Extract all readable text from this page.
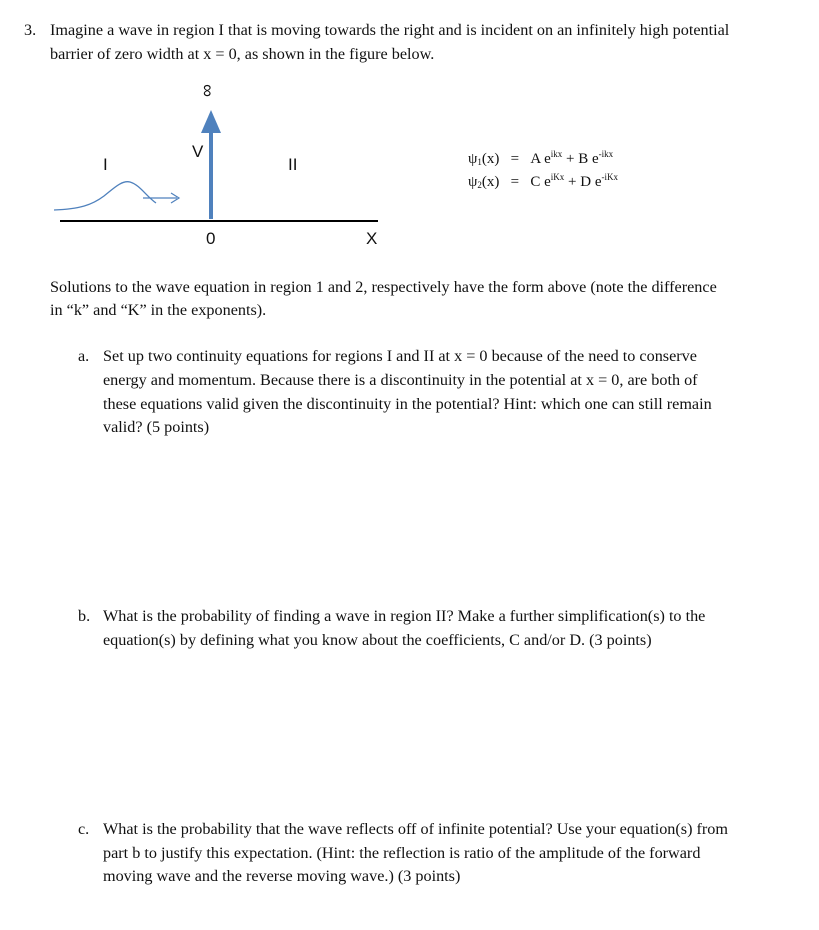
3. Imagine a wave in region I that is moving towards the right and is incident on an infinitely high potential
barrier of zero width at x = 0, as shown in the figure below.
∞
V
I	II
0	X
$\psi_1(x) = A$ $e^{ikx} + B$ $e^{-ikx}$
$\psi_2(x) = C$ $e^{iKx} + D$ $e^{-iKx}$
Solutions to the wave equation in region 1 and 2, respectively have the form above (note the difference
in “k” and “K” in the exponents).
a. Set up two continuity equations for regions I and II at x = 0 because of the need to conserve
energy and momentum. Because there is a discontinuity in the potential at x = 0, are both of
these equations valid given the discontinuity in the potential? Hint: which one can still remain
valid? (5 points)
b. What is the probability of finding a wave in region II? Make a further simplification(s) to the
equation(s) by defining what you know about the coefficients, C and/or D. (3 points)
c. What is the probability that the wave reflects off of infinite potential? Use your equation(s) from
part b to justify this expectation. (Hint: the reflection is ratio of the amplitude of the forward
moving wave and the reverse moving wave.) (3 points)
